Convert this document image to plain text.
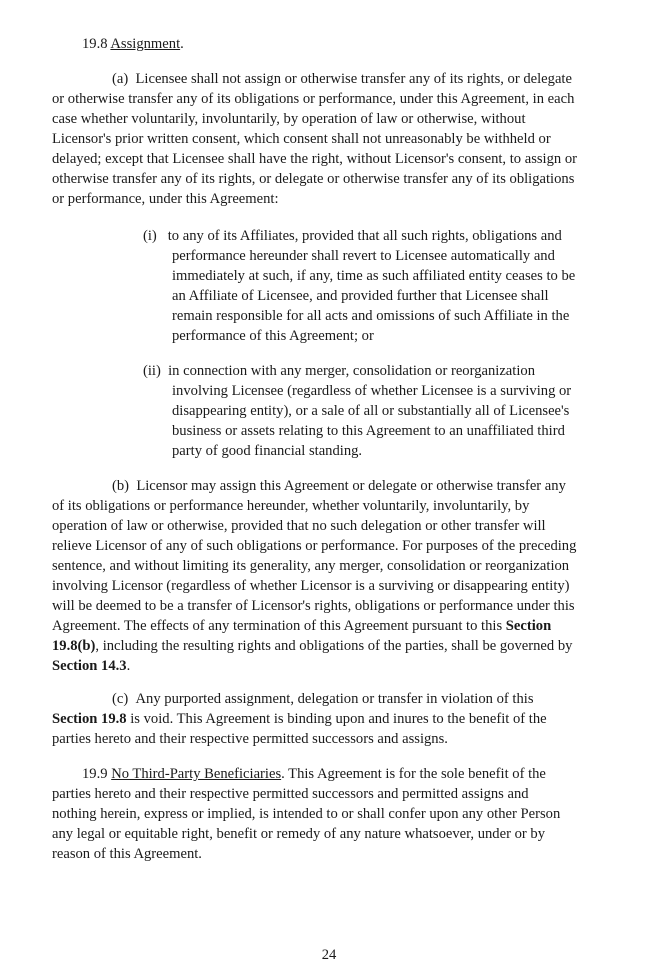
19.8 Assignment.
(a)  Licensee shall not assign or otherwise transfer any of its rights, or delegate
or otherwise transfer any of its obligations or performance, under this Agreement, in each
case whether voluntarily, involuntarily, by operation of law or otherwise, without
Licensor's prior written consent, which consent shall not unreasonably be withheld or
delayed; except that Licensee shall have the right, without Licensor's consent, to assign or
otherwise transfer any of its rights, or delegate or otherwise transfer any of its obligations
or performance, under this Agreement:
(i)   to any of its Affiliates, provided that all such rights, obligations and
performance hereunder shall revert to Licensee automatically and
immediately at such, if any, time as such affiliated entity ceases to be
an Affiliate of Licensee, and provided further that Licensee shall
remain responsible for all acts and omissions of such Affiliate in the
performance of this Agreement; or
(ii)  in connection with any merger, consolidation or reorganization
involving Licensee (regardless of whether Licensee is a surviving or
disappearing entity), or a sale of all or substantially all of Licensee's
business or assets relating to this Agreement to an unaffiliated third
party of good financial standing.
(b)  Licensor may assign this Agreement or delegate or otherwise transfer any
of its obligations or performance hereunder, whether voluntarily, involuntarily, by
operation of law or otherwise, provided that no such delegation or other transfer will
relieve Licensor of any of such obligations or performance. For purposes of the preceding
sentence, and without limiting its generality, any merger, consolidation or reorganization
involving Licensor (regardless of whether Licensor is a surviving or disappearing entity)
will be deemed to be a transfer of Licensor's rights, obligations or performance under this
Agreement. The effects of any termination of this Agreement pursuant to this Section
19.8(b), including the resulting rights and obligations of the parties, shall be governed by
Section 14.3.
(c)  Any purported assignment, delegation or transfer in violation of this
Section 19.8 is void. This Agreement is binding upon and inures to the benefit of the
parties hereto and their respective permitted successors and assigns.
19.9 No Third-Party Beneficiaries. This Agreement is for the sole benefit of the
parties hereto and their respective permitted successors and permitted assigns and
nothing herein, express or implied, is intended to or shall confer upon any other Person
any legal or equitable right, benefit or remedy of any nature whatsoever, under or by
reason of this Agreement.
24
